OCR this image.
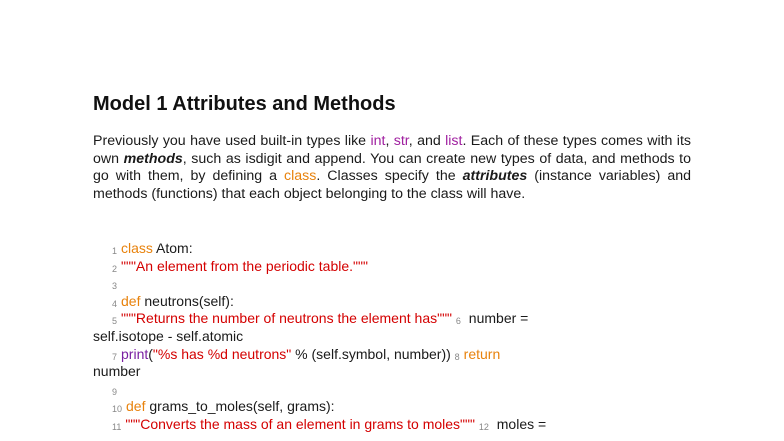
Model 1 Attributes and Methods
Previously you have used built-in types like int, str, and list. Each of these types comes with its own methods, such as isdigit and append. You can create new types of data, and methods to go with them, by defining a class. Classes specify the attributes (instance variables) and methods (functions) that each object belonging to the class will have.
1 class Atom:
2 """An element from the periodic table."""
3
4 def neutrons(self):
5 """Returns the number of neutrons the element has""" 6 number =
self.isotope - self.atomic
7 print("%s has %d neutrons" % (self.symbol, number)) 8 return
number
9
10 def grams_to_moles(self, grams):
11 """Converts the mass of an element in grams to moles""" 12 moles =
